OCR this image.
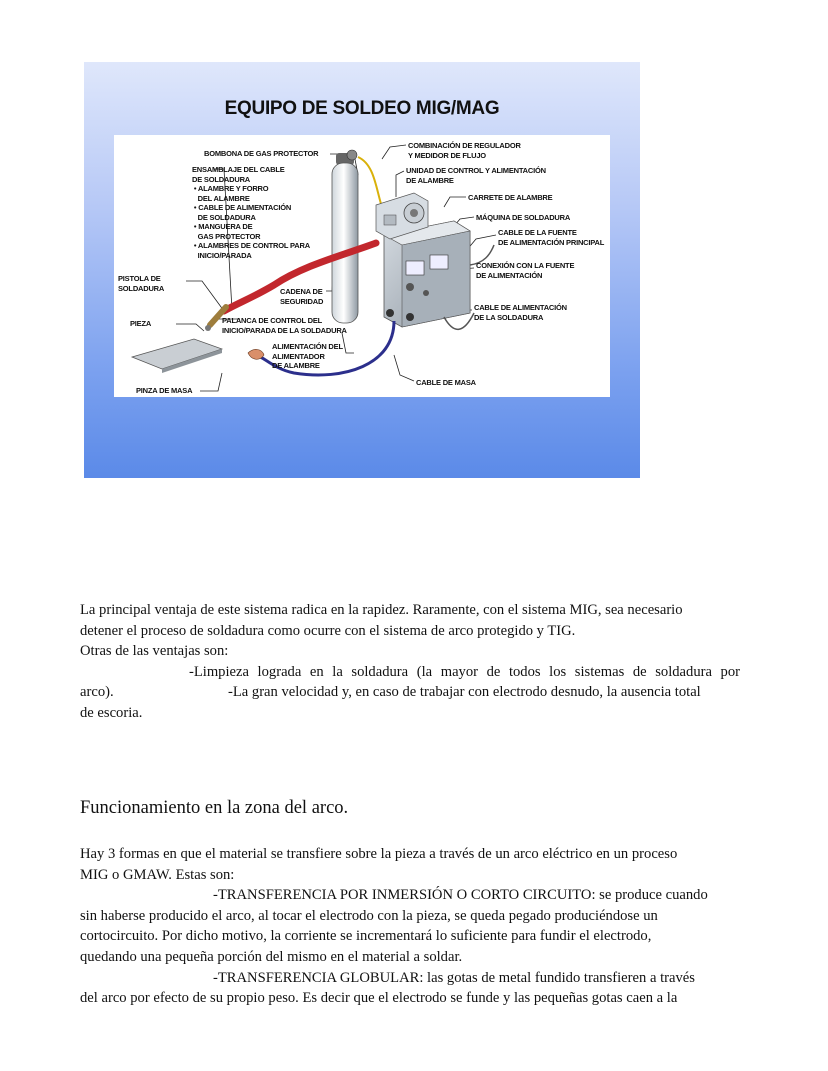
EQUIPO DE SOLDEO MIG/MAG
BOMBONA DE GAS PROTECTOR
ENSAMBLAJE DEL CABLE
DE SOLDADURA
• ALAMBRE Y FORRO
DEL ALAMBRE
• CABLE DE ALIMENTACIÓN
DE SOLDADURA
• MANGUERA DE
GAS PROTECTOR
• ALAMBRES DE CONTROL PARA
INICIO/PARADA
PISTOLA DE
SOLDADURA
PIEZA
PINZA DE MASA
CADENA DE
SEGURIDAD
PALANCA DE CONTROL DEL
INICIO/PARADA DE LA SOLDADURA
ALIMENTACIÓN DEL
ALIMENTADOR
DE ALAMBRE
CABLE DE MASA
COMBINACIÓN DE REGULADOR
Y MEDIDOR DE FLUJO
UNIDAD DE CONTROL Y ALIMENTACIÓN
DE ALAMBRE
CARRETE DE ALAMBRE
MÁQUINA DE SOLDADURA
CABLE DE LA FUENTE
DE ALIMENTACIÓN PRINCIPAL
CONEXIÓN CON LA FUENTE
DE ALIMENTACIÓN
CABLE DE ALIMENTACIÓN
DE LA SOLDADURA

La principal ventaja de este sistema radica en la rapidez. Raramente, con el sistema MIG, sea necesario

detener el proceso de soldadura como ocurre con el sistema de arco protegido y TIG.

Otras de las ventajas son:

-Limpieza lograda en la soldadura (la mayor de todos los sistemas de soldadura por

arco).	-La gran velocidad y, en caso de trabajar con electrodo desnudo, la ausencia total

de escoria.

Funcionamiento en la zona del arco.

Hay 3 formas en que el material se transfiere sobre la pieza a través de un arco eléctrico en un proceso

MIG o GMAW. Estas son:

-TRANSFERENCIA POR INMERSIÓN O CORTO CIRCUITO: se produce cuando

sin haberse producido el arco, al tocar el electrodo con la pieza, se queda pegado produciéndose un

cortocircuito. Por dicho motivo, la corriente se incrementará lo suficiente para fundir el electrodo,

quedando una pequeña porción del mismo en el material a soldar.

-TRANSFERENCIA GLOBULAR: las gotas de metal fundido transfieren a través

del arco por efecto de su propio peso. Es decir que el electrodo se funde y las pequeñas gotas caen a la
